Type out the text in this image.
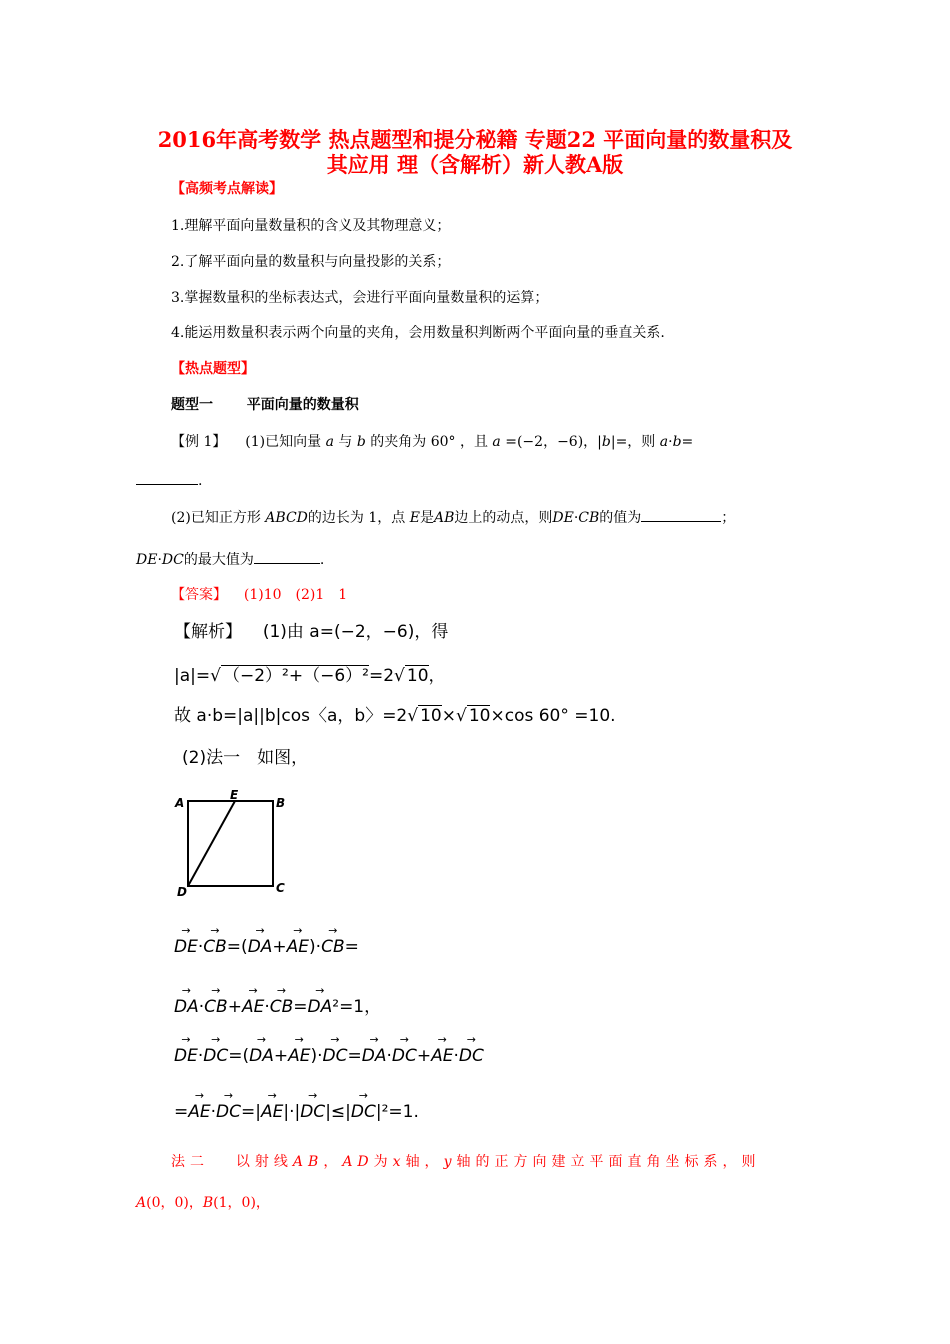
2016年高考数学 热点题型和提分秘籍 专题22 平面向量的数量积及
其应用 理（含解析）新人教A版
【高频考点解读】
1.理解平面向量数量积的含义及其物理意义；
2.了解平面向量的数量积与向量投影的关系；
3.掌握数量积的坐标表达式，会进行平面向量数量积的运算；
4.能运用数量积表示两个向量的夹角，会用数量积判断两个平面向量的垂直关系.
【热点题型】
题型一 平面向量的数量积
【例 1】 (1)已知向量 a 与 b 的夹角为 60° ，且 a =(−2，−6)，|b|=，则 a·b=
.
(2)已知正方形 ABCD的边长为 1，点 E是AB边上的动点，则DE·CB的值为	；
DE·DC的最大值为	.
【答案】 (1)10　(2)1　1
【解析】 (1)由 a=(−2，−6)，得
|a|=√ （−2）²+（−6）²=2√ 10，
故 a·b=|a||b|cos〈a，b〉=2√ 10×√ 10×cos 60° =10.
(2)法一　如图，
A
E
B
C
D
→ DE·→ CB=(→ DA+→ AE)·→ CB=
→ DA·→ CB+→ AE·→ CB=→ DA²=1，
→ DE·→ DC=(→ DA+→ AE)·→ DC=→ DA·→ DC+→ AE·→ DC
=→ AE·→ DC=|→ AE|·|→ DC|≤|→ DC|²=1.
法二 以射线AB，AD为x轴，y轴的正方向建立平面直角坐标系，则
A(0，0)，B(1，0)，
